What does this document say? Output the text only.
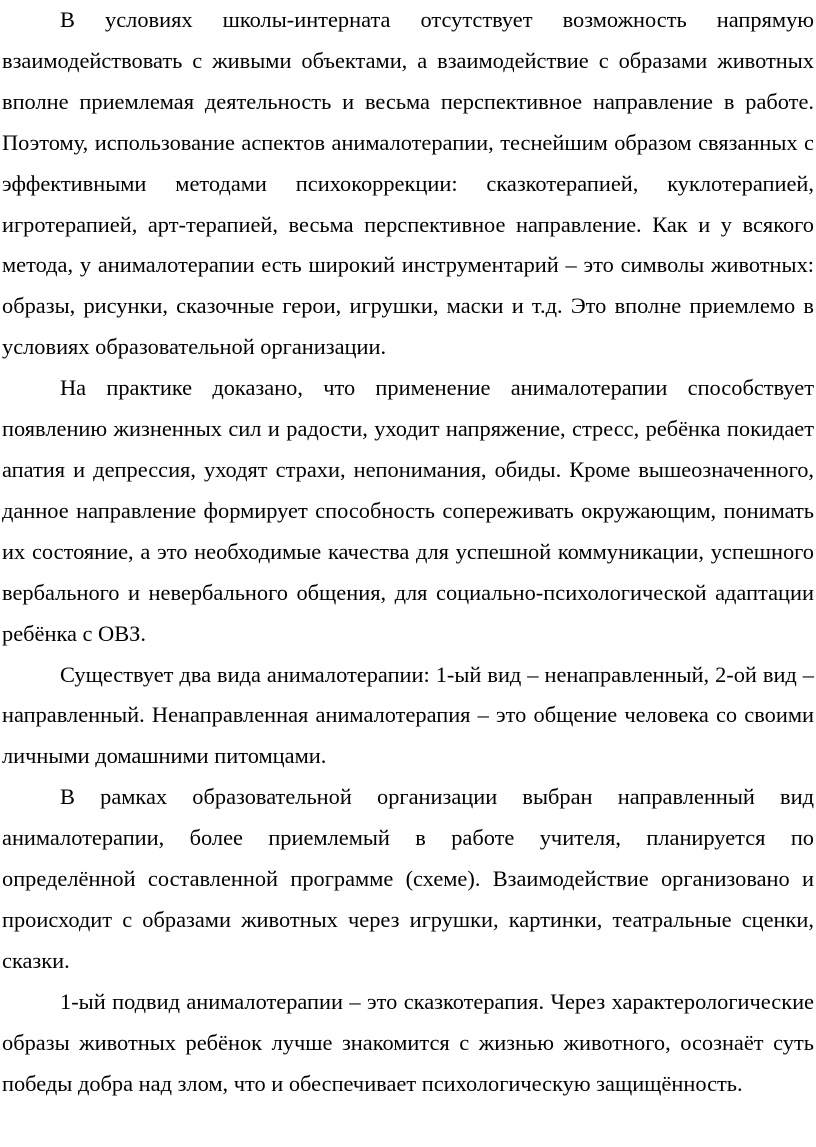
В условиях школы-интерната отсутствует возможность напрямую взаимодействовать с живыми объектами, а взаимодействие с образами животных вполне приемлемая деятельность и весьма перспективное направление в работе. Поэтому, использование аспектов анималотерапии, теснейшим образом связанных с эффективными методами психокоррекции: сказкотерапией, куклотерапией, игротерапией, арт-терапией, весьма перспективное направление. Как и у всякого метода, у анималотерапии есть широкий инструментарий – это символы животных: образы, рисунки, сказочные герои, игрушки, маски и т.д. Это вполне приемлемо в условиях образовательной организации.

На практике доказано, что применение анималотерапии способствует появлению жизненных сил и радости, уходит напряжение, стресс, ребёнка покидает апатия и депрессия, уходят страхи, непонимания, обиды. Кроме вышеозначенного, данное направление формирует способность сопереживать окружающим, понимать их состояние, а это необходимые качества для успешной коммуникации, успешного вербального и невербального общения, для социально-психологической адаптации ребёнка с ОВЗ.

Существует два вида анималотерапии: 1-ый вид – ненаправленный, 2-ой вид – направленный. Ненаправленная анималотерапия – это общение человека со своими личными домашними питомцами.

В рамках образовательной организации выбран направленный вид анималотерапии, более приемлемый в работе учителя, планируется по определённой составленной программе (схеме). Взаимодействие организовано и происходит с образами животных через игрушки, картинки, театральные сценки, сказки.

1-ый подвид анималотерапии – это сказкотерапия. Через характерологические образы животных ребёнок лучше знакомится с жизнью животного, осознаёт суть победы добра над злом, что и обеспечивает психологическую защищённость.
